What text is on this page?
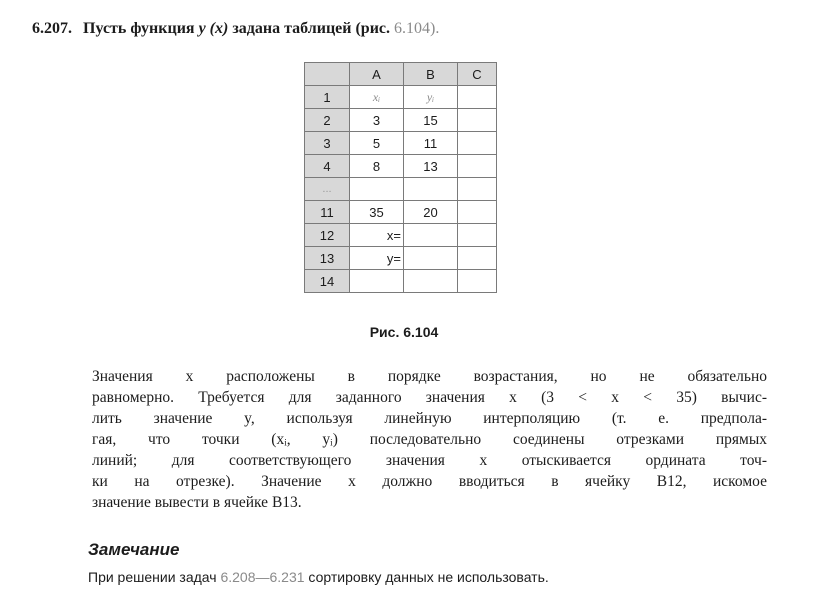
6.207. Пусть функция y (x) задана таблицей (рис. 6.104).
	A	B	C
1	xᵢ	yᵢ	
2	3	15	
3	5	11	
4	8	13	
...			
11	35	20	
12	x=		
13	y=		
14			
Рис. 6.104
Значения x расположены в порядке возрастания, но не обязательно
равномерно. Требуется для заданного значения x (3 < x < 35) вычис-
лить значение y, используя линейную интерполяцию (т. е. предпола-
гая, что точки (xᵢ, yᵢ) последовательно соединены отрезками прямых
линий; для соответствующего значения x отыскивается ордината точ-
ки на отрезке). Значение x должно вводиться в ячейку B12, искомое
значение вывести в ячейке B13.
Замечание
При решении задач 6.208—6.231 сортировку данных не использовать.
